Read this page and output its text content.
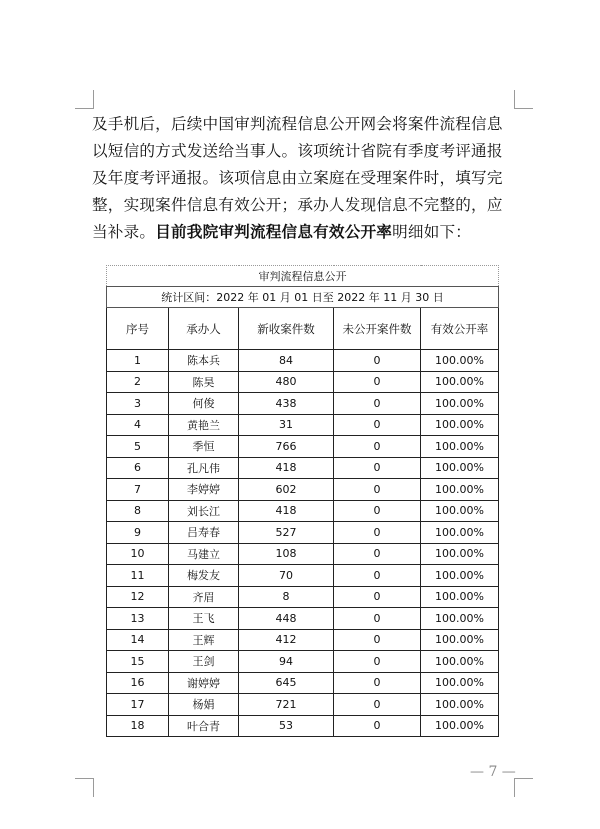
及手机后，后续中国审判流程信息公开网会将案件流程信息
以短信的方式发送给当事人。该项统计省院有季度考评通报
及年度考评通报。该项信息由立案庭在受理案件时，填写完
整，实现案件信息有效公开；承办人发现信息不完整的，应
当补录。目前我院审判流程信息有效公开率明细如下：
审判流程信息公开				
统计区间：2022 年 01 月 01 日至 2022 年 11 月 30 日				
序号	承办人	新收案件数	未公开案件数	有效公开率
1	陈本兵	84	0	100.00%
2	陈昊	480	0	100.00%
3	何俊	438	0	100.00%
4	黄艳兰	31	0	100.00%
5	季恒	766	0	100.00%
6	孔凡伟	418	0	100.00%
7	李婷婷	602	0	100.00%
8	刘长江	418	0	100.00%
9	吕寿春	527	0	100.00%
10	马建立	108	0	100.00%
11	梅发友	70	0	100.00%
12	齐眉	8	0	100.00%
13	王飞	448	0	100.00%
14	王辉	412	0	100.00%
15	王剑	94	0	100.00%
16	谢婷婷	645	0	100.00%
17	杨娟	721	0	100.00%
18	叶合青	53	0	100.00%
— 7 —
